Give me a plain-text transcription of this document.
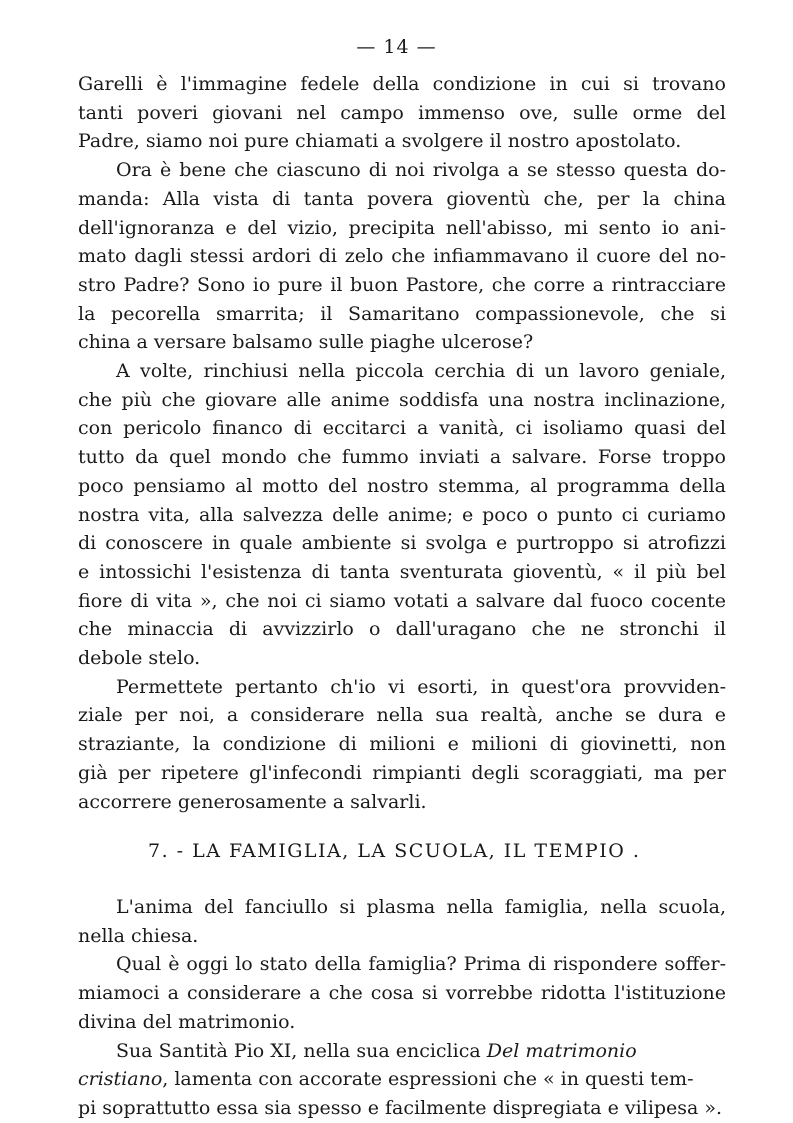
— 14 —
Garelli è l'immagine fedele della condizione in cui si trovano
tanti poveri giovani nel campo immenso ove, sulle orme del
Padre, siamo noi pure chiamati a svolgere il nostro apostolato.
Ora è bene che ciascuno di noi rivolga a se stesso questa do-
manda: Alla vista di tanta povera gioventù che, per la china
dell'ignoranza e del vizio, precipita nell'abisso, mi sento io ani-
mato dagli stessi ardori di zelo che infiammavano il cuore del no-
stro Padre? Sono io pure il buon Pastore, che corre a rintracciare
la pecorella smarrita; il Samaritano compassionevole, che si
china a versare balsamo sulle piaghe ulcerose?
A volte, rinchiusi nella piccola cerchia di un lavoro geniale,
che più che giovare alle anime soddisfa una nostra inclinazione,
con pericolo financo di eccitarci a vanità, ci isoliamo quasi del
tutto da quel mondo che fummo inviati a salvare. Forse troppo
poco pensiamo al motto del nostro stemma, al programma della
nostra vita, alla salvezza delle anime; e poco o punto ci curiamo
di conoscere in quale ambiente si svolga e purtroppo si atrofizzi
e intossichi l'esistenza di tanta sventurata gioventù, « il più bel
fiore di vita », che noi ci siamo votati a salvare dal fuoco cocente
che minaccia di avvizzirlo o dall'uragano che ne stronchi il
debole stelo.
Permettete pertanto ch'io vi esorti, in quest'ora provviden-
ziale per noi, a considerare nella sua realtà, anche se dura e
straziante, la condizione di milioni e milioni di giovinetti, non
già per ripetere gl'infecondi rimpianti degli scoraggiati, ma per
accorrere generosamente a salvarli.
7. - LA FAMIGLIA, LA SCUOLA, IL TEMPIO .
L'anima del fanciullo si plasma nella famiglia, nella scuola,
nella chiesa.
Qual è oggi lo stato della famiglia? Prima di rispondere soffer-
miamoci a considerare a che cosa si vorrebbe ridotta l'istituzione
divina del matrimonio.
Sua Santità Pio XI, nella sua enciclica Del matrimonio
cristiano, lamenta con accorate espressioni che « in questi tem-
pi soprattutto essa sia spesso e facilmente dispregiata e vilipesa ».
